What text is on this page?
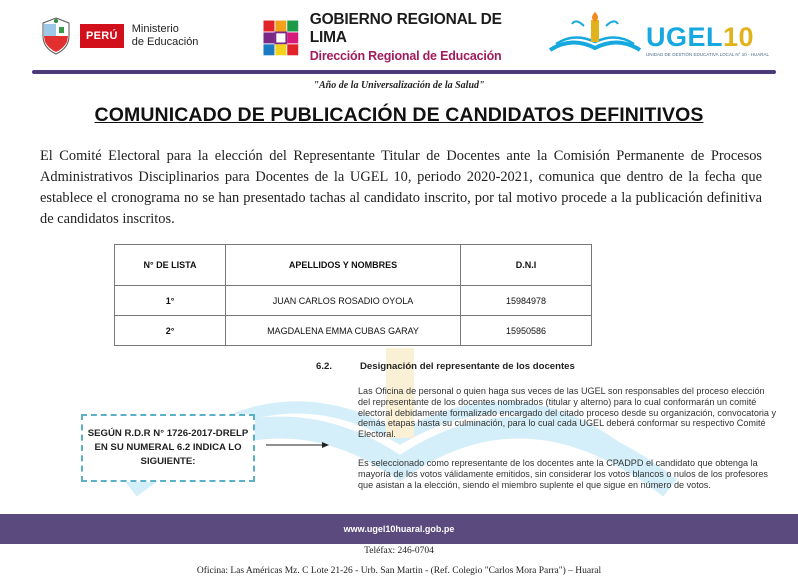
PERÚ
Ministerio
de Educación
GOBIERNO REGIONAL DE LIMA
Dirección Regional de Educación
UGEL10
UNIDAD DE GESTIÓN EDUCATIVA LOCAL N° 10 - HUARAL
"Año de la Universalización de la Salud"
COMUNICADO DE PUBLICACIÓN DE CANDIDATOS DEFINITIVOS
El Comité Electoral para la elección del Representante Titular de Docentes ante la Comisión Permanente de Procesos Administrativos Disciplinarios para Docentes de la UGEL 10, periodo 2020-2021, comunica que dentro de la fecha que establece el cronograma no se han presentado tachas al candidato inscrito, por tal motivo procede a la publicación definitiva de candidatos inscritos.
N° DE LISTA	APELLIDOS Y NOMBRES	D.N.I
1°	JUAN CARLOS ROSADIO OYOLA	15984978
2°	MAGDALENA EMMA CUBAS GARAY	15950586
6.2.	Designación del representante de los docentes
Las Oficina de personal o quien haga sus veces de las UGEL son responsables del proceso elección del representante de los docentes nombrados (titular y alterno) para lo cual conformarán un comité electoral debidamente formalizado encargado del citado proceso desde su organización, convocatoria y demás etapas hasta su culminación, para lo cual cada UGEL deberá conformar su respectivo Comité Electoral.
Es seleccionado como representante de los docentes ante la CPADPD el candidato que obtenga la mayoría de los votos válidamente emitidos, sin considerar los votos blancos o nulos de los profesores que asistan a la elección, siendo el miembro suplente el que sigue en número de votos.
SEGÚN R.D.R N° 1726-2017-DRELP EN SU NUMERAL 6.2 INDICA LO SIGUIENTE:
www.ugel10huaral.gob.pe
Teléfax: 246-0704
Oficina: Las Américas Mz. C Lote 21-26 - Urb. San Martin - (Ref. Colegio "Carlos Mora Parra") – Huaral
